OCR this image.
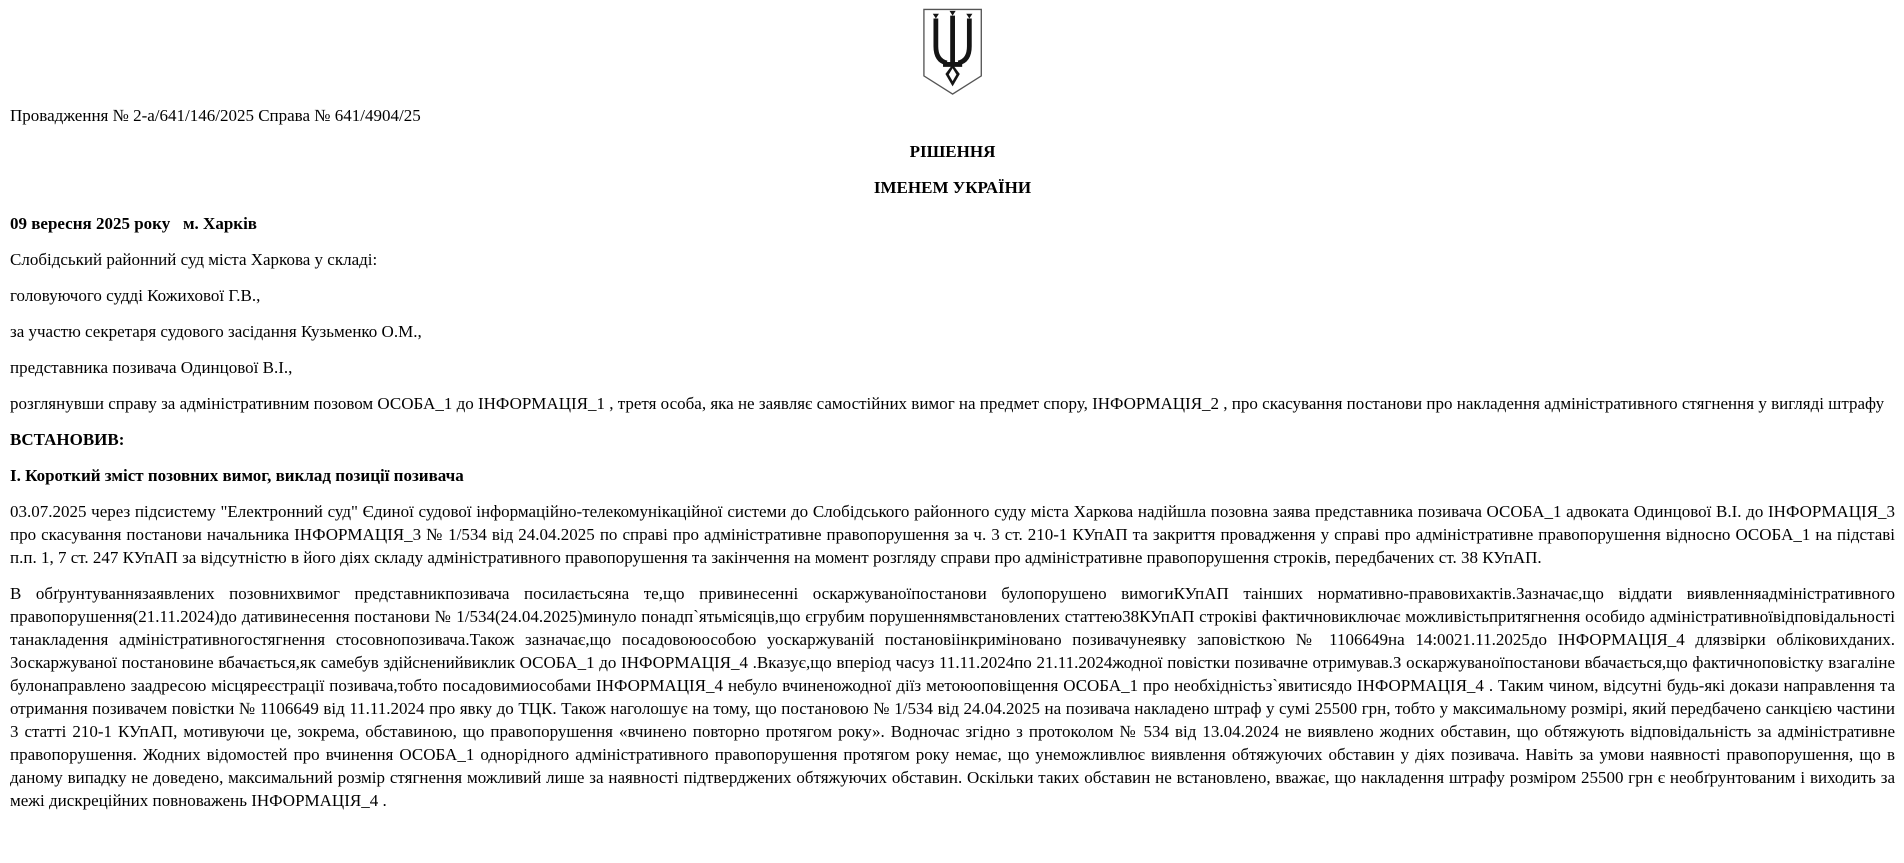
Провадження № 2-а/641/146/2025 Справа № 641/4904/25

РІШЕННЯ

ІМЕНЕМ УКРАЇНИ

09 вересня 2025 року   м. Харків

Слобідський районний суд міста Харкова у складі:

головуючого судді Кожихової Г.В.,

за участю секретаря судового засідання Кузьменко О.М.,

представника позивача Одинцової В.І.,

розглянувши справу за адміністративним позовом ОСОБА_1 до ІНФОРМАЦІЯ_1 , третя особа, яка не заявляє самостійних вимог на предмет спору, ІНФОРМАЦІЯ_2 , про скасування постанови про накладення адміністративного стягнення у вигляді штрафу

ВСТАНОВИВ:

І. Короткий зміст позовних вимог, виклад позиції позивача

03.07.2025 через підсистему "Електронний суд" Єдиної судової інформаційно-телекомунікаційної системи до Слобідського районного суду міста Харкова надійшла позовна заява представника позивача ОСОБА_1 адвоката Одинцової В.І. до ІНФОРМАЦІЯ_3 про скасування постанови начальника ІНФОРМАЦІЯ_3 № 1/534 від 24.04.2025 по справі про адміністративне правопорушення за ч. 3 ст. 210-1 КУпАП та закриття провадження у справі про адміністративне правопорушення відносно ОСОБА_1 на підставі п.п. 1, 7 ст. 247 КУпАП за відсутністю в його діях складу адміністративного правопорушення та закінчення на момент розгляду справи про адміністративне правопорушення строків, передбачених ст. 38 КУпАП.

В обґрунтуваннязаявлених позовнихвимог представникпозивача посилаєтьсяна те,що привинесенні оскаржуваноїпостанови булопорушено вимогиКУпАП таінших нормативно-правовихактів.Зазначає,що віддати виявленняадміністративного правопорушення(21.11.2024)до дативинесення постанови № 1/534(24.04.2025)минуло понадп`ятьмісяців,що єгрубим порушеннямвстановлених статтею38КУпАП строківі фактичновиключає можливістьпритягнення особидо адміністративноївідповідальності танакладення адміністративногостягнення стосовнопозивача.Також зазначає,що посадовоюособою уоскаржуваній постановіінкриміновано позивачунеявку заповісткою № 1106649на 14:0021.11.2025до ІНФОРМАЦІЯ_4 длязвірки обліковихданих. Зоскаржуваної постановине вбачається,як самебув здійсненийвиклик ОСОБА_1 до ІНФОРМАЦІЯ_4 .Вказує,що вперіод часуз 11.11.2024по 21.11.2024жодної повістки позивачне отримував.З оскаржуваноїпостанови вбачається,що фактичноповістку взагаліне булонаправлено заадресою місцяреєстрації позивача,тобто посадовимиособами ІНФОРМАЦІЯ_4 небуло вчиненожодної діїз метоюоповіщення ОСОБА_1 про необхідністьз`явитисядо ІНФОРМАЦІЯ_4 . Таким чином, відсутні будь-які докази направлення та отримання позивачем повістки № 1106649 від 11.11.2024 про явку до ТЦК. Також наголошує на тому, що постановою № 1/534 від 24.04.2025 на позивача накладено штраф у сумі 25500 грн, тобто у максимальному розмірі, який передбачено санкцією частини 3 статті 210-1 КУпАП, мотивуючи це, зокрема, обставиною, що правопорушення «вчинено повторно протягом року». Водночас згідно з протоколом № 534 від 13.04.2024 не виявлено жодних обставин, що обтяжують відповідальність за адміністративне правопорушення. Жодних відомостей про вчинення ОСОБА_1 однорідного адміністративного правопорушення протягом року немає, що унеможливлює виявлення обтяжуючих обставин у діях позивача. Навіть за умови наявності правопорушення, що в даному випадку не доведено, максимальний розмір стягнення можливий лише за наявності підтверджених обтяжуючих обставин. Оскільки таких обставин не встановлено, вважає, що накладення штрафу розміром 25500 грн є необґрунтованим і виходить за межі дискреційних повноважень ІНФОРМАЦІЯ_4 .
